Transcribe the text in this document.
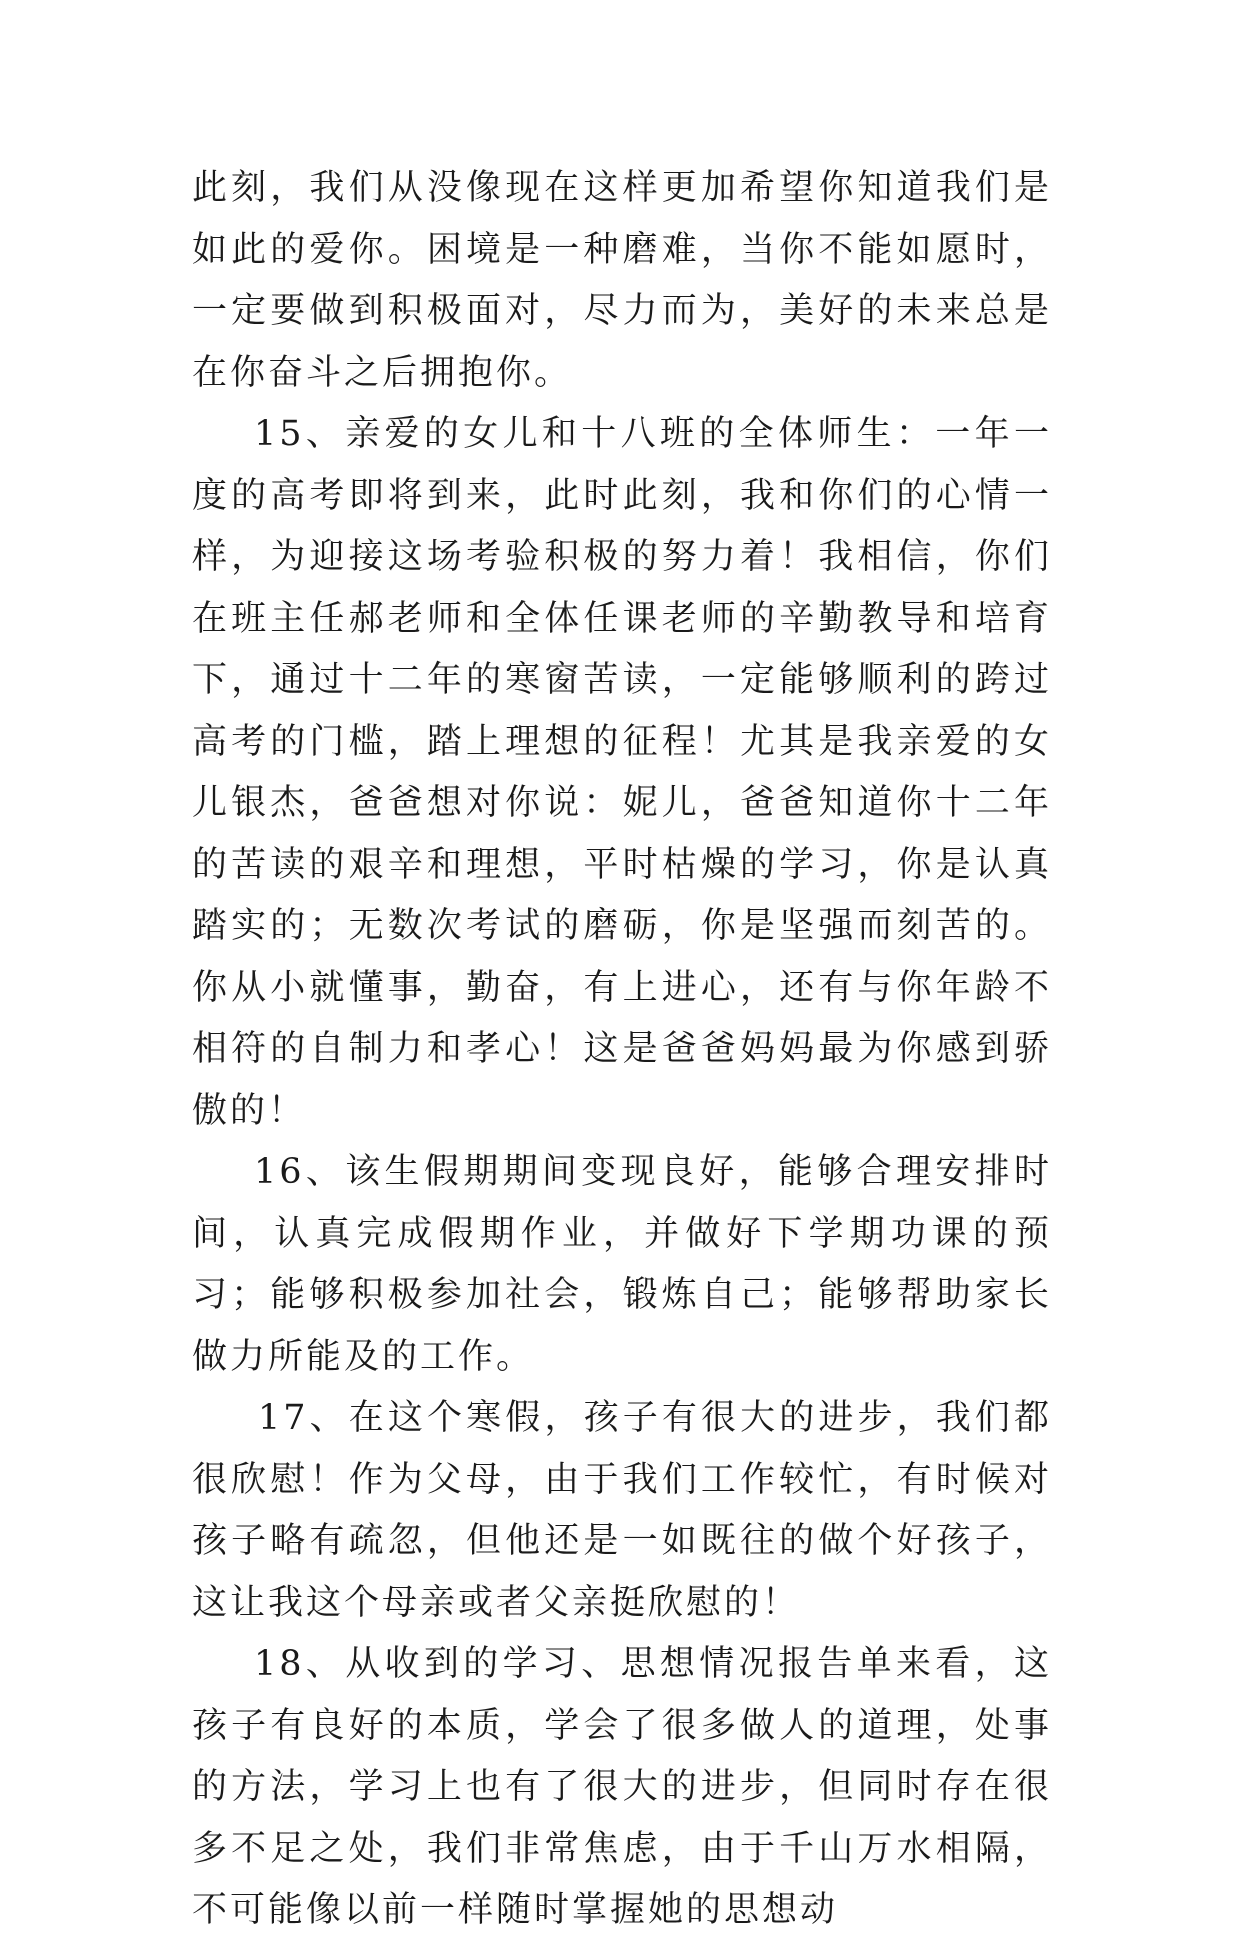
此刻，我们从没像现在这样更加希望你知道我们是如此的爱你。困境是一种磨难，当你不能如愿时，一定要做到积极面对，尽力而为，美好的未来总是在你奋斗之后拥抱你。

15、亲爱的女儿和十八班的全体师生：一年一度的高考即将到来，此时此刻，我和你们的心情一样，为迎接这场考验积极的努力着！我相信，你们在班主任郝老师和全体任课老师的辛勤教导和培育下，通过十二年的寒窗苦读，一定能够顺利的跨过高考的门槛，踏上理想的征程！尤其是我亲爱的女儿银杰，爸爸想对你说：妮儿，爸爸知道你十二年的苦读的艰辛和理想，平时枯燥的学习，你是认真踏实的；无数次考试的磨砺，你是坚强而刻苦的。你从小就懂事，勤奋，有上进心，还有与你年龄不相符的自制力和孝心！这是爸爸妈妈最为你感到骄傲的！

16、该生假期期间变现良好，能够合理安排时间，认真完成假期作业，并做好下学期功课的预习；能够积极参加社会，锻炼自己；能够帮助家长做力所能及的工作。

17、在这个寒假，孩子有很大的进步，我们都很欣慰！作为父母，由于我们工作较忙，有时候对孩子略有疏忽，但他还是一如既往的做个好孩子，这让我这个母亲或者父亲挺欣慰的！

18、从收到的学习、思想情况报告单来看，这孩子有良好的本质，学会了很多做人的道理，处事的方法，学习上也有了很大的进步，但同时存在很多不足之处，我们非常焦虑，由于千山万水相隔，不可能像以前一样随时掌握她的思想动
